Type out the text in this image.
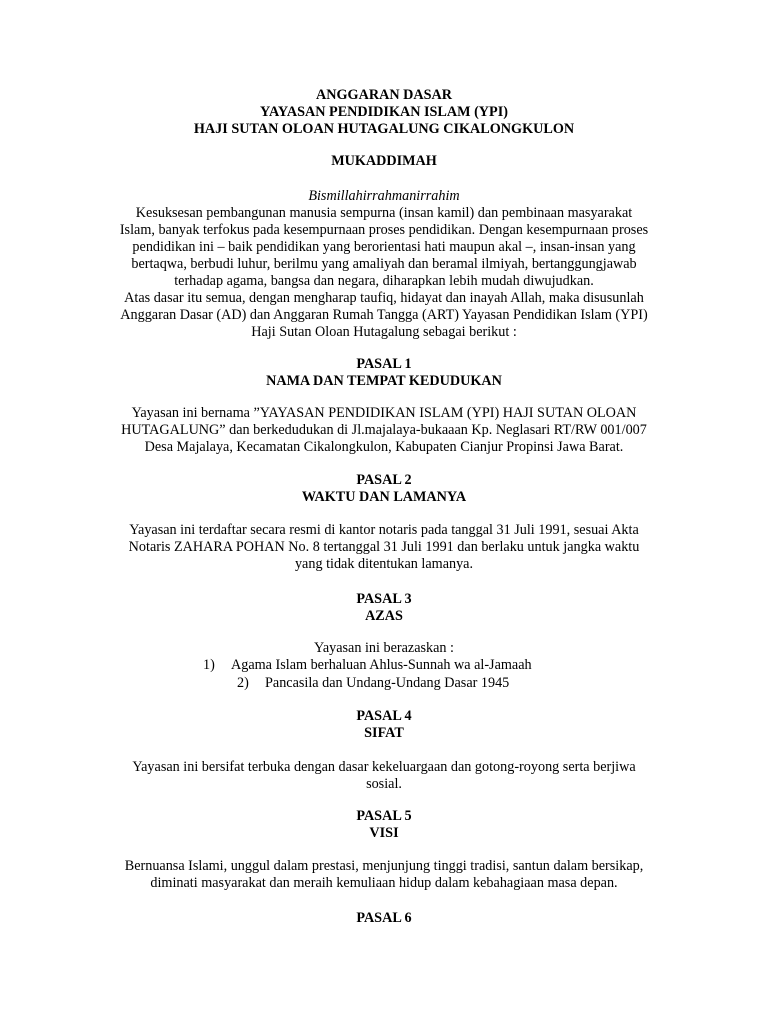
ANGGARAN DASAR
YAYASAN PENDIDIKAN ISLAM (YPI)
HAJI SUTAN OLOAN HUTAGALUNG CIKALONGKULON
MUKADDIMAH
Bismillahirrahmanirrahim
Kesuksesan pembangunan manusia sempurna (insan kamil) dan pembinaan masyarakat
Islam, banyak terfokus pada kesempurnaan proses pendidikan. Dengan kesempurnaan proses
pendidikan ini – baik pendidikan yang berorientasi hati maupun akal –, insan-insan yang
bertaqwa, berbudi luhur, berilmu yang amaliyah dan beramal ilmiyah, bertanggungjawab
terhadap agama, bangsa dan negara, diharapkan lebih mudah diwujudkan.
Atas dasar itu semua, dengan mengharap taufiq, hidayat dan inayah Allah, maka disusunlah
Anggaran Dasar (AD) dan Anggaran Rumah Tangga (ART) Yayasan Pendidikan Islam (YPI)
Haji Sutan Oloan Hutagalung sebagai berikut :
PASAL 1
NAMA DAN TEMPAT KEDUDUKAN
Yayasan ini bernama ”YAYASAN PENDIDIKAN ISLAM (YPI) HAJI SUTAN OLOAN
HUTAGALUNG” dan berkedudukan di Jl.majalaya-bukaaan Kp. Neglasari RT/RW 001/007
Desa Majalaya, Kecamatan Cikalongkulon, Kabupaten Cianjur Propinsi Jawa Barat.
PASAL 2
WAKTU DAN LAMANYA
Yayasan ini terdaftar secara resmi di kantor notaris pada tanggal 31 Juli 1991, sesuai Akta
Notaris ZAHARA POHAN No. 8 tertanggal 31 Juli 1991 dan berlaku untuk jangka waktu
yang tidak ditentukan lamanya.
PASAL 3
AZAS
Yayasan ini berazaskan :
1) Agama Islam berhaluan Ahlus-Sunnah wa al-Jamaah
2) Pancasila dan Undang-Undang Dasar 1945
PASAL 4
SIFAT
Yayasan ini bersifat terbuka dengan dasar kekeluargaan dan gotong-royong serta berjiwa
sosial.
PASAL 5
VISI
Bernuansa Islami, unggul dalam prestasi, menjunjung tinggi tradisi, santun dalam bersikap,
diminati masyarakat dan meraih kemuliaan hidup dalam kebahagiaan masa depan.
PASAL 6
